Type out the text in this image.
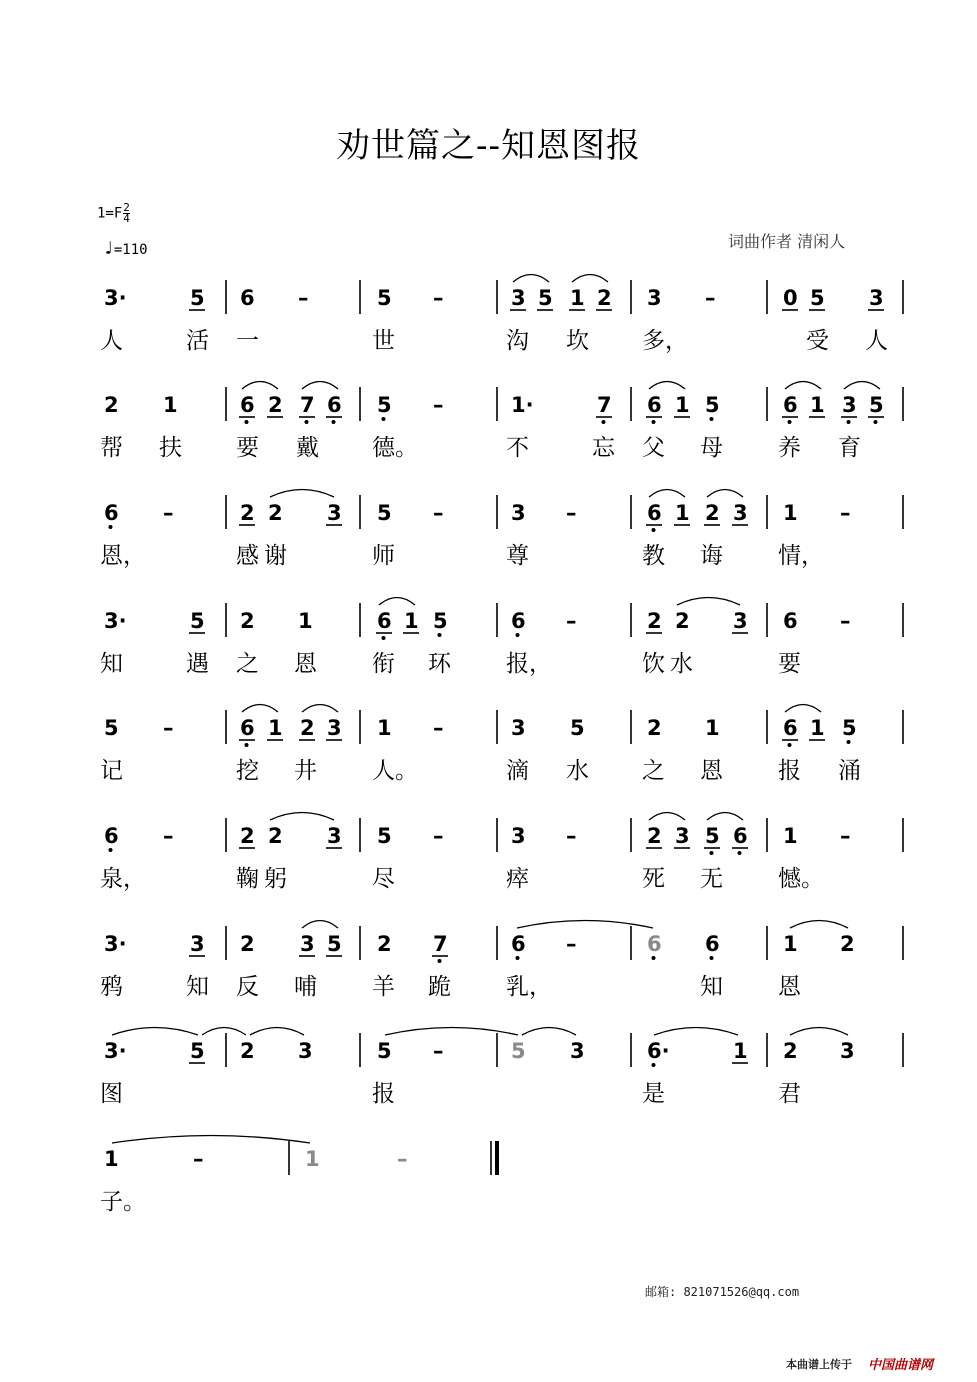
劝世篇之--知恩图报
$1=F \frac{2}{4}$
♩=110	词曲作者 清闲人
3·	5 6 –	5 –	3 5 1 2 3 –	0 5 3
人	活 一	世	沟 坎 多，	受 人
2 1	6 2 7 6 5 –	1·	7 6 1 5	6 1 3 5
帮 扶 要 戴 德。	不	忘 父 母 养 育
6 –	2 2 3 5 –	3 –	6 1 2 3 1 –
恩，	感 谢	师	尊	教 诲 情，
3·	5 2 1	6 1 5	6 –	2 2 3 6 –
知	遇 之 恩 衔 环 报，	饮 水	要
5 –	6 1 2 3 1 –	3 5	2 1	6 1 5
记	挖 井 人。	滴 水 之 恩 报 涌
6 –	2 2 3 5 –	3 –	2 3 5 6 1 –
泉，	鞠 躬	尽	瘁	死 无 憾。
3·	3 2 3 5 2 7	6 –	6 6	1 2
鸦	知 反 哺 羊 跪 乳，	知 恩
3·	5 2 3	5 –	5 3	6·	1 2 3
图	报	是	君
1	–	1	–
子。
邮箱: 821071526@qq.com
本曲谱上传于 中国曲谱网
